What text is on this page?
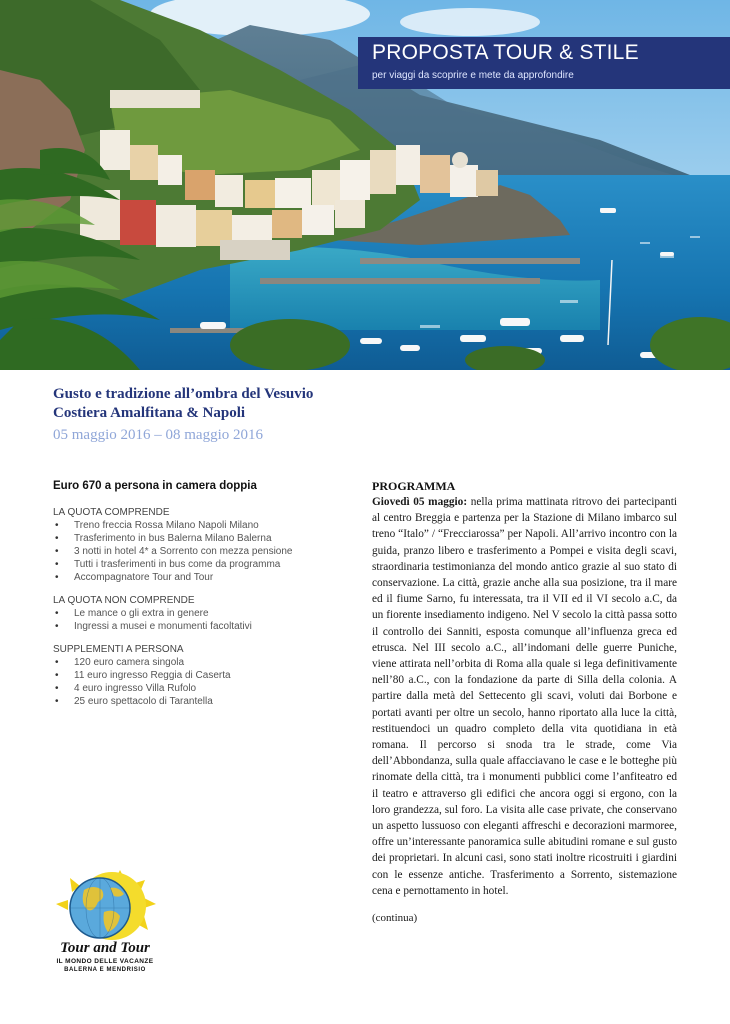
PROPOSTA TOUR & STILE
per viaggi da scoprire e mete da approfondire
Gusto e tradizione all’ombra del Vesuvio
Costiera Amalfitana & Napoli
05 maggio 2016 – 08 maggio 2016
Euro 670 a persona in camera doppia
LA QUOTA COMPRENDE
• Treno freccia Rossa Milano Napoli Milano
• Trasferimento in bus Balerna Milano Balerna
• 3 notti in hotel 4* a Sorrento con mezza pensione
• Tutti i trasferimenti in bus come da programma
• Accompagnatore Tour and Tour
LA QUOTA NON COMPRENDE
• Le mance o gli extra in genere
• Ingressi a musei e monumenti facoltativi
SUPPLEMENTI A PERSONA
• 120 euro camera singola
• 11 euro ingresso Reggia di Caserta
• 4 euro ingresso Villa Rufolo
• 25 euro spettacolo di Tarantella
PROGRAMMA

Giovedì 05 maggio: nella prima mattinata ritrovo dei partecipanti al centro Breggia e partenza per la Stazione di Milano imbarco sul treno “Italo” / “Frecciarossa” per Napoli. All’arrivo incontro con la guida, pranzo libero e trasferimento a Pompei e visita degli scavi, straordinaria testimonianza del mondo antico grazie al suo stato di conservazione. La città, grazie anche alla sua posizione, tra il mare ed il fiume Sarno, fu interessata, tra il VII ed il VI secolo a.C, da un fiorente insediamento indigeno. Nel V secolo la città passa sotto il controllo dei Sanniti, esposta comunque all’influenza greca ed etrusca. Nel III secolo a.C., all’indomani delle guerre Puniche, viene attirata nell’orbita di Roma alla quale si lega definitivamente nell’80 a.C., con la fondazione da parte di Silla della colonia. A partire dalla metà del Settecento gli scavi, voluti dai Borbone e portati avanti per oltre un secolo, hanno riportato alla luce la città, restituendoci un quadro completo della vita quotidiana in età romana. Il percorso si snoda tra le strade, come Via dell’Abbondanza, sulla quale affacciavano le case e le botteghe più rinomate della città, tra i monumenti pubblici come l’anfiteatro ed il teatro e attraverso gli edifici che ancora oggi si ergono, con la loro grandezza, sul foro. La visita alle case private, che conservano un aspetto lussuoso con eleganti affreschi e decorazioni marmoree, offre un’interessante panoramica sulle abitudini romane e sul gusto dei proprietari. In alcuni casi, sono stati inoltre ricostruiti i giardini con le essenze antiche. Trasferimento a Sorrento, sistemazione cena e pernottamento in hotel.

(continua)
Tour and Tour
IL MONDO DELLE VACANZE
BALERNA E MENDRISIO
